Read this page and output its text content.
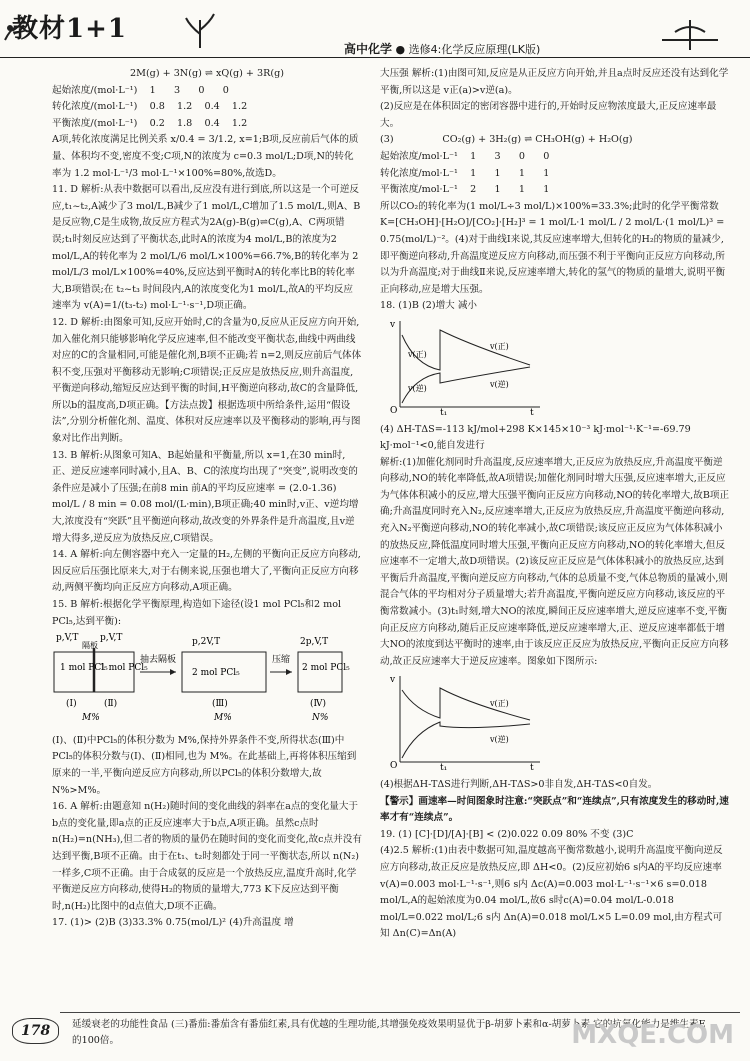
教材1+1
高中化学 ● 选修4:化学反应原理(LK版)

2M(g) + 3N(g) ⇌ xQ(g) + 3R(g)

起始浓度/(mol·L⁻¹)    1      3      0      0

转化浓度/(mol·L⁻¹)    0.8    1.2    0.4    1.2

平衡浓度/(mol·L⁻¹)    0.2    1.8    0.4    1.2

A项,转化浓度满足比例关系 x/0.4 = 3/1.2, x=1;B项,反应前后气体的质量、体积均不变,密度不变;C项,N的浓度为 c=0.3 mol/L;D项,N的转化率为 1.2 mol·L⁻¹/3 mol·L⁻¹×100%=80%,故选D。

11. D 解析:从表中数据可以看出,反应没有进行到底,所以这是一个可逆反应,t₁~t₂,A减少了3 mol/L,B减少了1 mol/L,C增加了1.5 mol/L,则A、B是反应物,C是生成物,故反应方程式为2A(g)-B(g)⇌C(g),A、C两项错误;t₁时刻反应达到了平衡状态,此时A的浓度为4 mol/L,B的浓度为2 mol/L,A的转化率为 2 mol/L/6 mol/L×100%=66.7%,B的转化率为 2 mol/L/3 mol/L×100%=40%,反应达到平衡时A的转化率比B的转化率大,B项错误;在 t₂~t₃ 时间段内,A的浓度变化为1 mol/L,故A的平均反应速率为 v(A)=1/(t₃-t₂) mol·L⁻¹·s⁻¹,D项正确。

12. D 解析:由图象可知,反应开始时,C的含量为0,反应从正反应方向开始,加入催化剂只能够影响化学反应速率,但不能改变平衡状态,曲线中两曲线对应的C的含量相同,可能是催化剂,B项不正确;若 n=2,则反应前后气体体积不变,压强对平衡移动无影响;C项错误;正反应是放热反应,则升高温度,平衡逆向移动,缩短反应达到平衡的时间,H平衡逆向移动,故C的含量降低,所以b的温度高,D项正确。【方法点拨】根据选项中所给条件,运用“假设法”,分别分析催化剂、温度、体积对反应速率以及平衡移动的影响,再与图象对比作出判断。

13. B 解析:从图象可知A、B起始量和平衡量,所以 x=1,在30 min时,正、逆反应速率同时减小,且A、B、C的浓度均出现了“突变”,说明改变的条件应是减小了压强;在前8 min 前A的平均反应速率 = (2.0-1.36) mol/L / 8 min = 0.08 mol/(L·min),B项正确;40 min时,v正、v逆均增大,浓度没有“突跃”且平衡逆向移动,故改变的外界条件是升高温度,且v逆增大得多,逆反应为放热反应,C项错误。

14. A 解析:向左侧容器中充入一定量的H₂,左侧的平衡向正反应方向移动,因反应后压强比原来大,对于右侧来说,压强也增大了,平衡向正反应方向移动,两侧平衡均向正反应方向移动,A项正确。

15. B 解析:根据化学平衡原理,构造如下途径(设1 mol PCl₅和2 mol PCl₅,达到平衡):

p,V,T p,V,T
隔板
1 mol PCl₅
1 mol PCl₅
抽去隔板
p,2V,T
2 mol PCl₅
压缩
2p,V,T
2 mol PCl₅
(Ⅰ)	(Ⅱ)	(Ⅲ)	(Ⅳ)
M%	M%	N%

(Ⅰ)、(Ⅱ)中PCl₅的体积分数为 M%,保持外界条件不变,所得状态(Ⅲ)中PCl₅的体积分数与(Ⅰ)、(Ⅱ)相同,也为 M%。在此基础上,再将体积压缩到原来的一半,平衡向逆反应方向移动,所以PCl₅的体积分数增大,故 N%>M%。

16. A 解析:由题意知 n(H₂)随时间的变化曲线的斜率在a点的变化量大于b点的变化量,即a点的正反应速率大于b点,A项正确。虽然c点时 n(H₂)=n(NH₃),但二者的物质的量仍在随时间的变化而变化,故c点并没有达到平衡,B项不正确。由于在t₁、t₂时刻都处于同一平衡状态,所以 n(N₂)一样多,C项不正确。由于合成氨的反应是一个放热反应,温度升高时,化学平衡逆反应方向移动,使得H₂的物质的量增大,773 K下反应达到平衡时,n(H₂)比图中的d点值大,D项不正确。

17. (1)> (2)B (3)33.3% 0.75(mol/L)² (4)升高温度 增

大压强 解析:(1)由图可知,反应是从正反应方向开始,并且a点时反应还没有达到化学平衡,所以这是 v正(a)>v逆(a)。

(2)反应是在体积固定的密闭容器中进行的,开始时反应物浓度最大,正反应速率最大。

(3)                CO₂(g) + 3H₂(g) ⇌ CH₃OH(g) + H₂O(g)

起始浓度/mol·L⁻¹    1      3      0      0

转化浓度/mol·L⁻¹    1      1      1      1

平衡浓度/mol·L⁻¹    2      1      1      1

所以CO₂的转化率为(1 mol/L÷3 mol/L)×100%=33.3%;此时的化学平衡常数 K=[CH₃OH]·[H₂O]/[CO₂]·[H₂]³ = 1 mol/L·1 mol/L / 2 mol/L·(1 mol/L)³ = 0.75(mol/L)⁻²。(4)对于曲线Ⅰ来说,其反应速率增大,但转化的H₂的物质的量减少,即平衡逆向移动,升高温度逆反应方向移动,而压强不利于平衡向正反应方向移动,所以为升高温度;对于曲线Ⅱ来说,反应速率增大,转化的氢气的物质的量增大,说明平衡正向移动,应是增大压强。

18. (1)B (2)增大 减小

v
O	t₁	t
v(正)
v(逆)
v(正)
v(逆)

(4) ΔH-TΔS=-113 kJ/mol+298 K×145×10⁻³ kJ·mol⁻¹·K⁻¹=-69.79 kJ·mol⁻¹<0,能自发进行

解析:(1)加催化剂同时升高温度,反应速率增大,正反应为放热反应,升高温度平衡逆向移动,NO的转化率降低,故A项错误;加催化剂同时增大压强,反应速率增大,正反应为气体体积减小的反应,增大压强平衡向正反应方向移动,NO的转化率增大,故B项正确;升高温度同时充入N₂,反应速率增大,正反应为放热反应,升高温度平衡逆向移动,充入N₂平衡逆向移动,NO的转化率减小,故C项错误;该反应正反应为气体体积减小的放热反应,降低温度同时增大压强,平衡向正反应方向移动,NO的转化率增大,但反应速率不一定增大,故D项错误。(2)该反应正反应是气体体积减小的放热反应,达到平衡后升高温度,平衡向逆反应方向移动,气体的总质量不变,气体总物质的量减小,则混合气体的平均相对分子质量增大;若升高温度,平衡向逆反应方向移动,该反应的平衡常数减小。(3)t₁时刻,增大NO的浓度,瞬间正反应速率增大,逆反应速率不变,平衡向正反应方向移动,随后正反应速率降低,逆反应速率增大,正、逆反应速率都低于增大NO的浓度到达平衡时的速率,由于该反应正反应为放热反应,平衡向正反应方向移动,故正反应速率大于逆反应速率。图象如下图所示:

v
O	t₁	t
v(正)
v(逆)

(4)根据ΔH-TΔS进行判断,ΔH-TΔS>0非自发,ΔH-TΔS<0自发。

【警示】画速率—时间图象时注意:“突跃点”和“连续点”,只有浓度发生的移动时,速率才有“连续点”。

19. (1) [C]·[D]/[A]·[B] < (2)0.022 0.09 80% 不变 (3)C

(4)2.5 解析:(1)由表中数据可知,温度越高平衡常数越小,说明升高温度平衡向逆反应方向移动,故正反应是放热反应,即 ΔH<0。(2)反应初始6 s内A的平均反应速率 v(A)=0.003 mol·L⁻¹·s⁻¹,则6 s内 Δc(A)=0.003 mol·L⁻¹·s⁻¹×6 s=0.018 mol/L,A的起始浓度为0.04 mol/L,故6 s时c(A)=0.04 mol/L-0.018 mol/L=0.022 mol/L;6 s内 Δn(A)=0.018 mol/L×5 L=0.09 mol,由方程式可知 Δn(C)=Δn(A)

178	延缓衰老的功能性食品 (三)番茄:番茄含有番茄红素,具有优越的生理功能,其增强免疫效果明显优于β-胡萝卜素和α-胡萝卜素,它的抗氧化能力是维生素E的100倍。	MXQE.COM
